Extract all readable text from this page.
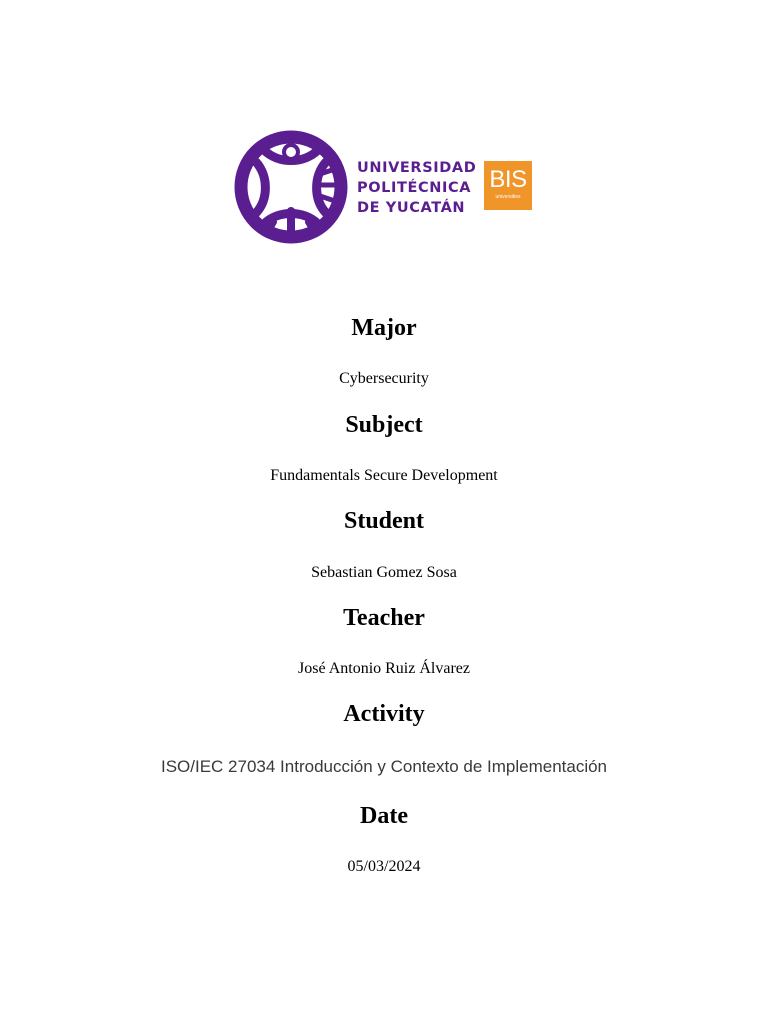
UNIVERSIDAD
POLITÉCNICA
DE YUCATÁN
BIS
universities
Major
Cybersecurity
Subject
Fundamentals Secure Development
Student
Sebastian Gomez Sosa
Teacher
José Antonio Ruiz Álvarez
Activity
ISO/IEC 27034 Introducción y Contexto de Implementación
Date
05/03/2024
